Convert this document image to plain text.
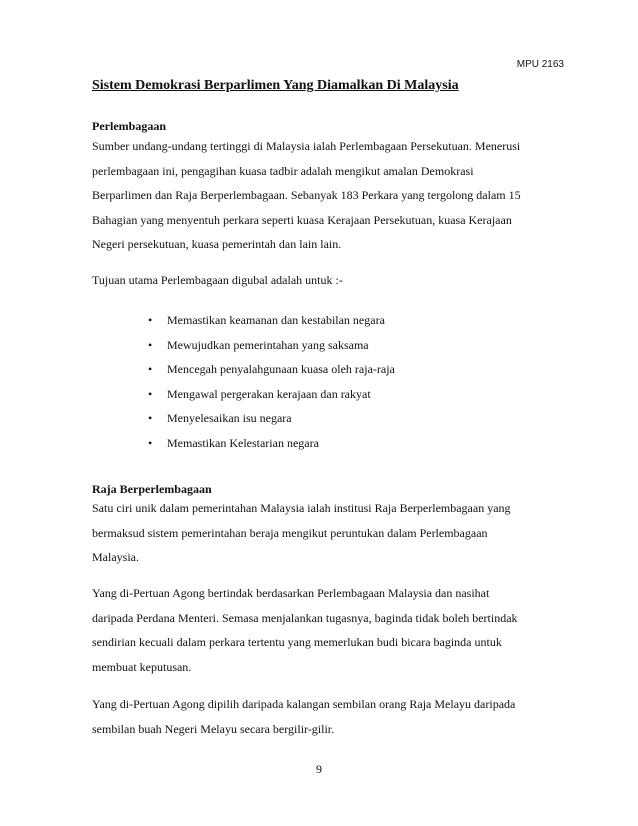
MPU 2163
Sistem Demokrasi Berparlimen Yang Diamalkan Di Malaysia
Perlembagaan
Sumber undang-undang tertinggi di Malaysia ialah Perlembagaan Persekutuan. Menerusi
perlembagaan ini, pengagihan kuasa tadbir adalah mengikut amalan Demokrasi
Berparlimen dan Raja Berperlembagaan. Sebanyak 183 Perkara yang tergolong dalam 15
Bahagian yang menyentuh perkara seperti kuasa Kerajaan Persekutuan, kuasa Kerajaan
Negeri persekutuan, kuasa pemerintah dan lain lain.
Tujuan utama Perlembagaan digubal adalah untuk :-
• Memastikan keamanan dan kestabilan negara
• Mewujudkan pemerintahan yang saksama
• Mencegah penyalahgunaan kuasa oleh raja-raja
• Mengawal pergerakan kerajaan dan rakyat
• Menyelesaikan isu negara
• Memastikan Kelestarian negara
Raja Berperlembagaan
Satu ciri unik dalam pemerintahan Malaysia ialah institusi Raja Berperlembagaan yang
bermaksud sistem pemerintahan beraja mengikut peruntukan dalam Perlembagaan
Malaysia.
Yang di-Pertuan Agong bertindak berdasarkan Perlembagaan Malaysia dan nasihat
daripada Perdana Menteri. Semasa menjalankan tugasnya, baginda tidak boleh bertindak
sendirian kecuali dalam perkara tertentu yang memerlukan budi bicara baginda untuk
membuat keputusan.
Yang di-Pertuan Agong dipilih daripada kalangan sembilan orang Raja Melayu daripada
sembilan buah Negeri Melayu secara bergilir-gilir.
9
